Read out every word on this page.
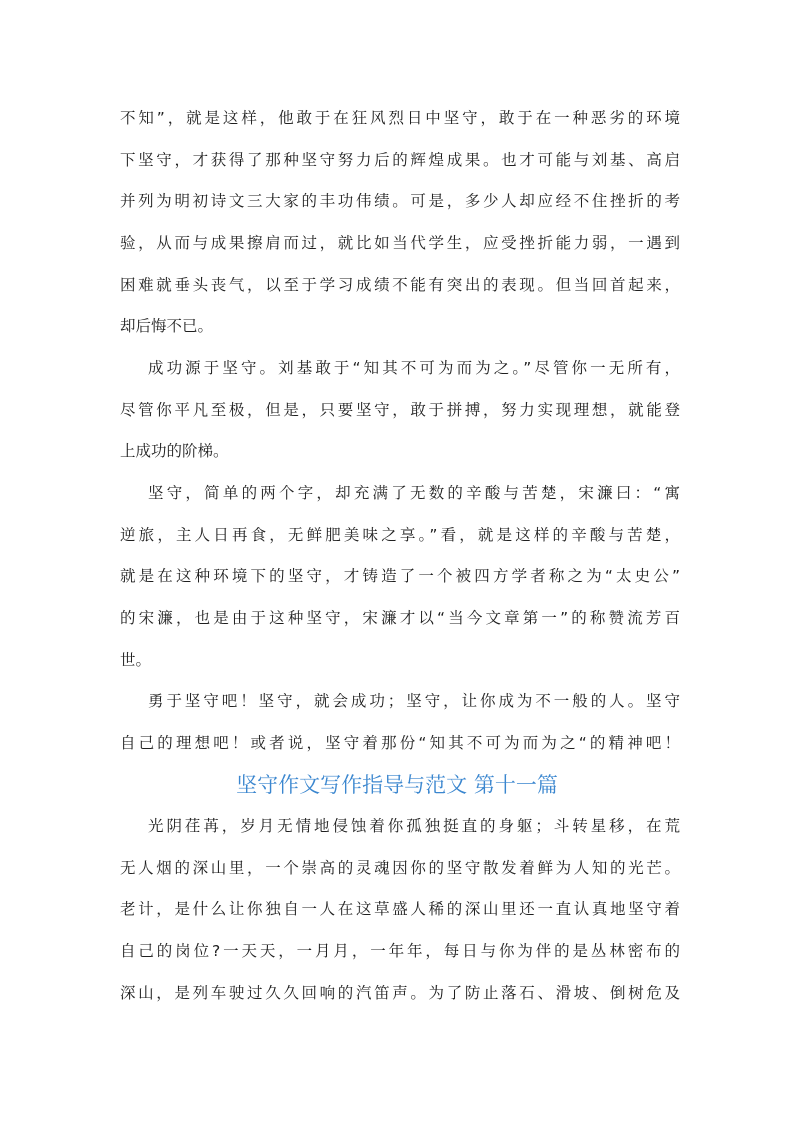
不知”，就是这样，他敢于在狂风烈日中坚守，敢于在一种恶劣的环境
下坚守，才获得了那种坚守努力后的辉煌成果。也才可能与刘基、高启
并列为明初诗文三大家的丰功伟绩。可是，多少人却应经不住挫折的考
验，从而与成果擦肩而过，就比如当代学生，应受挫折能力弱，一遇到
困难就垂头丧气，以至于学习成绩不能有突出的表现。但当回首起来，
却后悔不已。
成功源于坚守。刘基敢于“知其不可为而为之。”尽管你一无所有，
尽管你平凡至极，但是，只要坚守，敢于拼搏，努力实现理想，就能登
上成功的阶梯。
坚守，简单的两个字，却充满了无数的辛酸与苦楚，宋濂曰：“寓
逆旅，主人日再食，无鲜肥美味之享。”看，就是这样的辛酸与苦楚，
就是在这种环境下的坚守，才铸造了一个被四方学者称之为“太史公”
的宋濂，也是由于这种坚守，宋濂才以“当今文章第一”的称赞流芳百
世。
勇于坚守吧！坚守，就会成功；坚守，让你成为不一般的人。坚守
自己的理想吧！或者说，坚守着那份“知其不可为而为之“的精神吧！
坚守作文写作指导与范文 第十一篇
光阴荏苒，岁月无情地侵蚀着你孤独挺直的身躯；斗转星移，在荒
无人烟的深山里，一个崇高的灵魂因你的坚守散发着鲜为人知的光芒。
老计，是什么让你独自一人在这草盛人稀的深山里还一直认真地坚守着
自己的岗位?一天天，一月月，一年年，每日与你为伴的是丛林密布的
深山，是列车驶过久久回响的汽笛声。为了防止落石、滑坡、倒树危及
